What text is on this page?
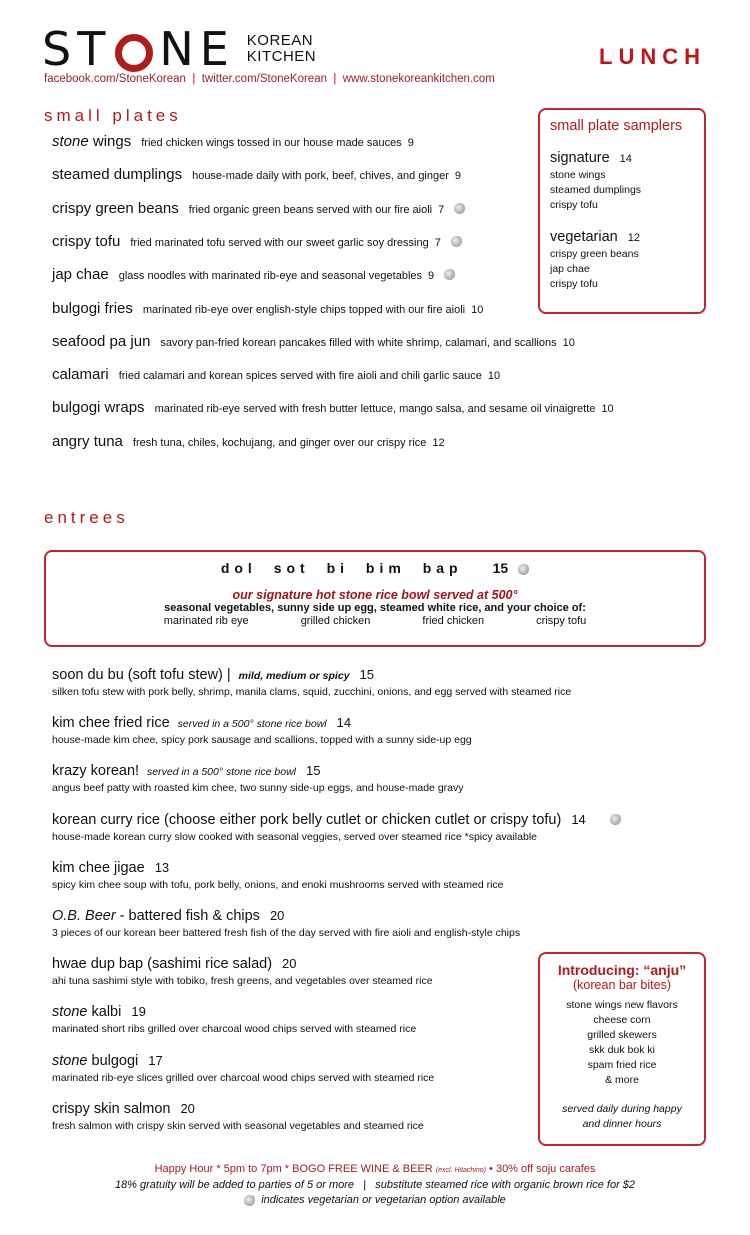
ST NE KOREAN
KITCHEN
facebook.com/StoneKorean  |  twitter.com/StoneKorean  |  www.stonekoreankitchen.com
LUNCH
small plates
stone wings fried chicken wings tossed in our house made sauces 9
steamed dumplings house-made daily with pork, beef, chives, and ginger 9
crispy green beans fried organic green beans served with our fire aioli 7
crispy tofu fried marinated tofu served with our sweet garlic soy dressing 7
jap chae glass noodles with marinated rib-eye and seasonal vegetables 9
bulgogi fries marinated rib-eye over english-style chips topped with our fire aioli 10
seafood pa jun savory pan-fried korean pancakes filled with white shrimp, calamari, and scallions 10
calamari fried calamari and korean spices served with fire aioli and chili garlic sauce 10
bulgogi wraps marinated rib-eye served with fresh butter lettuce, mango salsa, and sesame oil vinaigrette 10
angry tuna fresh tuna, chiles, kochujang, and ginger over our crispy rice 12
small plate samplers
signature 14
stone wings
steamed dumplings
crispy tofu
vegetarian 12
crispy green beans
jap chae
crispy tofu
entrees
dol sot bi bim bap 15
our signature hot stone rice bowl served at 500°
seasonal vegetables, sunny side up egg, steamed white rice, and your choice of:
marinated rib eye	grilled chicken	fried chicken	crispy tofu
soon du bu (soft tofu stew) | mild, medium or spicy 15
silken tofu stew with pork belly, shrimp, manila clams, squid, zucchini, onions, and egg served with steamed rice
kim chee fried rice served in a 500° stone rice bowl 14
house-made kim chee, spicy pork sausage and scallions, topped with a sunny side-up egg
krazy korean! served in a 500° stone rice bowl 15
angus beef patty with roasted kim chee, two sunny side-up eggs, and house-made gravy
korean curry rice (choose either pork belly cutlet or chicken cutlet or crispy tofu) 14
house-made korean curry slow cooked with seasonal veggies, served over steamed rice *spicy available
kim chee jigae 13
spicy kim chee soup with tofu, pork belly, onions, and enoki mushrooms served with steamed rice
O.B. Beer - battered fish & chips 20
3 pieces of our korean beer battered fresh fish of the day served with fire aioli and english-style chips
hwae dup bap (sashimi rice salad) 20
ahi tuna sashimi style with tobiko, fresh greens, and vegetables over steamed rice
stone kalbi 19
marinated short ribs grilled over charcoal wood chips served with steamed rice
stone bulgogi 17
marinated rib-eye slices grilled over charcoal wood chips served with steamed rice
crispy skin salmon 20
fresh salmon with crispy skin served with seasonal vegetables and steamed rice
Introducing: “anju”
(korean bar bites)
stone wings new flavors
cheese corn
grilled skewers
skk duk bok ki
spam fried rice
& more
served daily during happy
and dinner hours
Happy Hour * 5pm to 7pm * BOGO FREE WINE & BEER (excl. Hitachino) • 30% off soju carafes
18% gratuity will be added to parties of 5 or more   |   substitute steamed rice with organic brown rice for $2
indicates vegetarian or vegetarian option available
